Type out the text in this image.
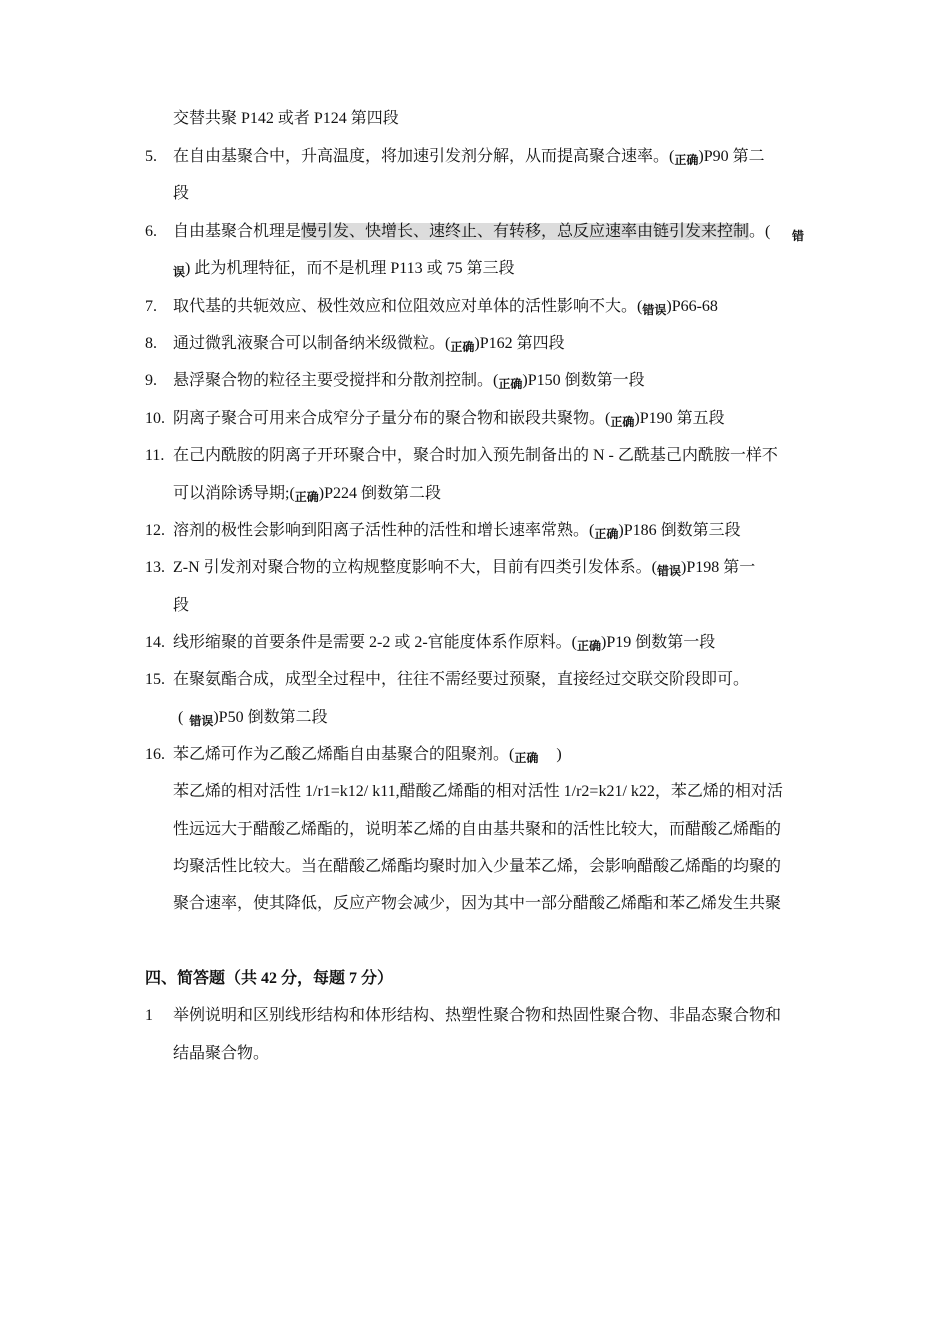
交替共聚 P142 或者 P124 第四段
5. 在自由基聚合中，升高温度，将加速引发剂分解，从而提高聚合速率。(正确)P90 第二
段
6. 自由基聚合机理是慢引发、快增长、速终止、有转移，总反应速率由链引发来控制。( 错
误) 此为机理特征，而不是机理 P113 或 75 第三段
7. 取代基的共轭效应、极性效应和位阻效应对单体的活性影响不大。(错误)P66-68
8. 通过微乳液聚合可以制备纳米级微粒。(正确)P162 第四段
9. 悬浮聚合物的粒径主要受搅拌和分散剂控制。(正确)P150 倒数第一段
10. 阴离子聚合可用来合成窄分子量分布的聚合物和嵌段共聚物。(正确)P190 第五段
11. 在己内酰胺的阴离子开环聚合中，聚合时加入预先制备出的 N - 乙酰基己内酰胺一样不
可以消除诱导期;(正确)P224 倒数第二段
12. 溶剂的极性会影响到阳离子活性种的活性和增长速率常熟。(正确)P186 倒数第三段
13. Z-N 引发剂对聚合物的立构规整度影响不大，目前有四类引发体系。(错误)P198 第一
段
14. 线形缩聚的首要条件是需要 2-2 或 2-官能度体系作原料。(正确)P19 倒数第一段
15. 在聚氨酯合成，成型全过程中，往往不需经要过预聚，直接经过交联交阶段即可。
( 错误)P50 倒数第二段
16. 苯乙烯可作为乙酸乙烯酯自由基聚合的阻聚剂。(正确 )
苯乙烯的相对活性 1/r1=k12/ k11,醋酸乙烯酯的相对活性 1/r2=k21/ k22，苯乙烯的相对活
性远远大于醋酸乙烯酯的，说明苯乙烯的自由基共聚和的活性比较大，而醋酸乙烯酯的
均聚活性比较大。当在醋酸乙烯酯均聚时加入少量苯乙烯，会影响醋酸乙烯酯的均聚的
聚合速率，使其降低，反应产物会减少，因为其中一部分醋酸乙烯酯和苯乙烯发生共聚
四、简答题（共 42 分，每题 7 分）
1 举例说明和区别线形结构和体形结构、热塑性聚合物和热固性聚合物、非晶态聚合物和
结晶聚合物。
